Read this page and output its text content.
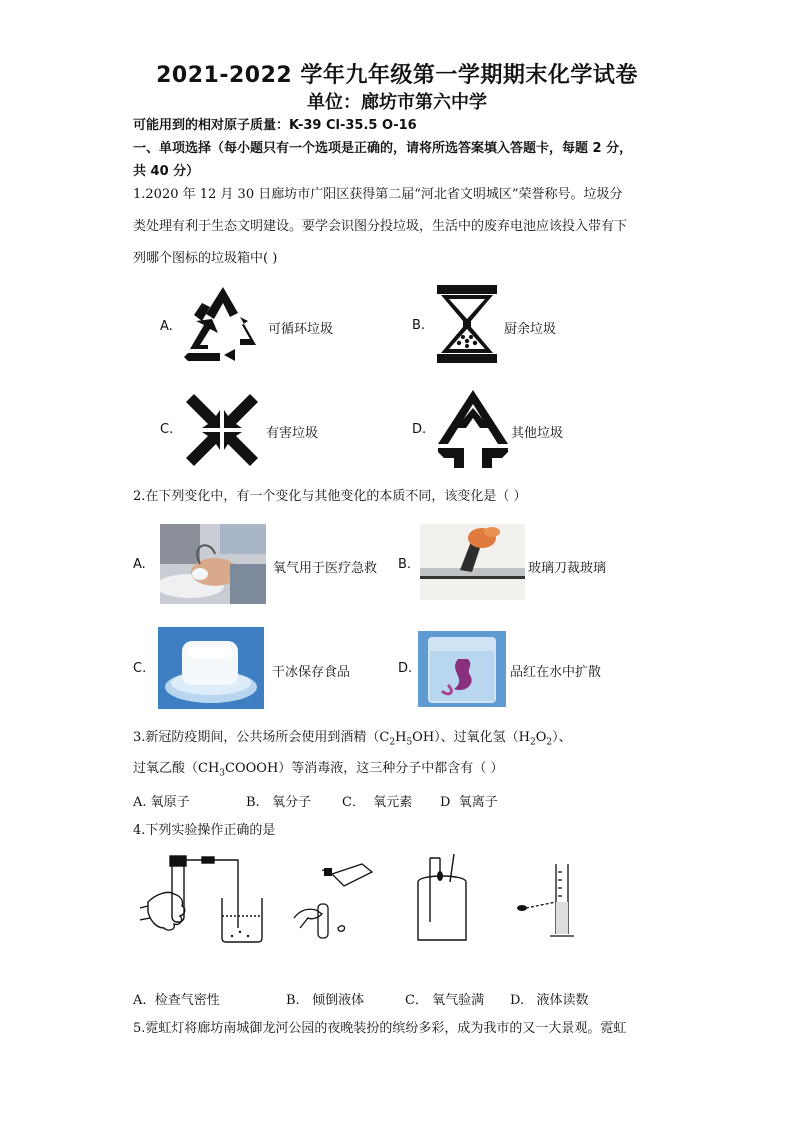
2021-2022 学年九年级第一学期期末化学试卷
单位：廊坊市第六中学
可能用到的相对原子质量：K-39 Cl-35.5 O-16
一、单项选择（每小题只有一个选项是正确的，请将所选答案填入答题卡，每题 2 分，
共 40 分）
1.2020 年 12 月 30 日廊坊市广阳区获得第二届“河北省文明城区”荣誉称号。垃圾分
类处理有利于生态文明建设。要学会识图分投垃圾，生活中的废弃电池应该投入带有下
列哪个图标的垃圾箱中( )
A.	可循环垃圾	B.	厨余垃圾
C.	有害垃圾	D.	其他垃圾
2.在下列变化中，有一个变化与其他变化的本质不同，该变化是（ ）
A.	氧气用于医疗急救 B.	玻璃刀裁玻璃
C.	干冰保存食品	D.	品红在水中扩散
3.新冠防疫期间，公共场所会使用到酒精$(C_2H_5OH)$、过氧化氢$(H_2O_2)$、
过氧乙酸$(CH_3COOOH)$等消毒液，这三种分子中都含有（ ）
A. 氧原子	B. 氧分子 C． 氧元素 D 氧离子
4.下列实验操作正确的是
A. 检查气密性	B. 倾倒液体	C． 氧气验满 D. 液体读数
5.霓虹灯将廊坊南城御龙河公园的夜晚装扮的缤纷多彩，成为我市的又一大景观。霓虹
